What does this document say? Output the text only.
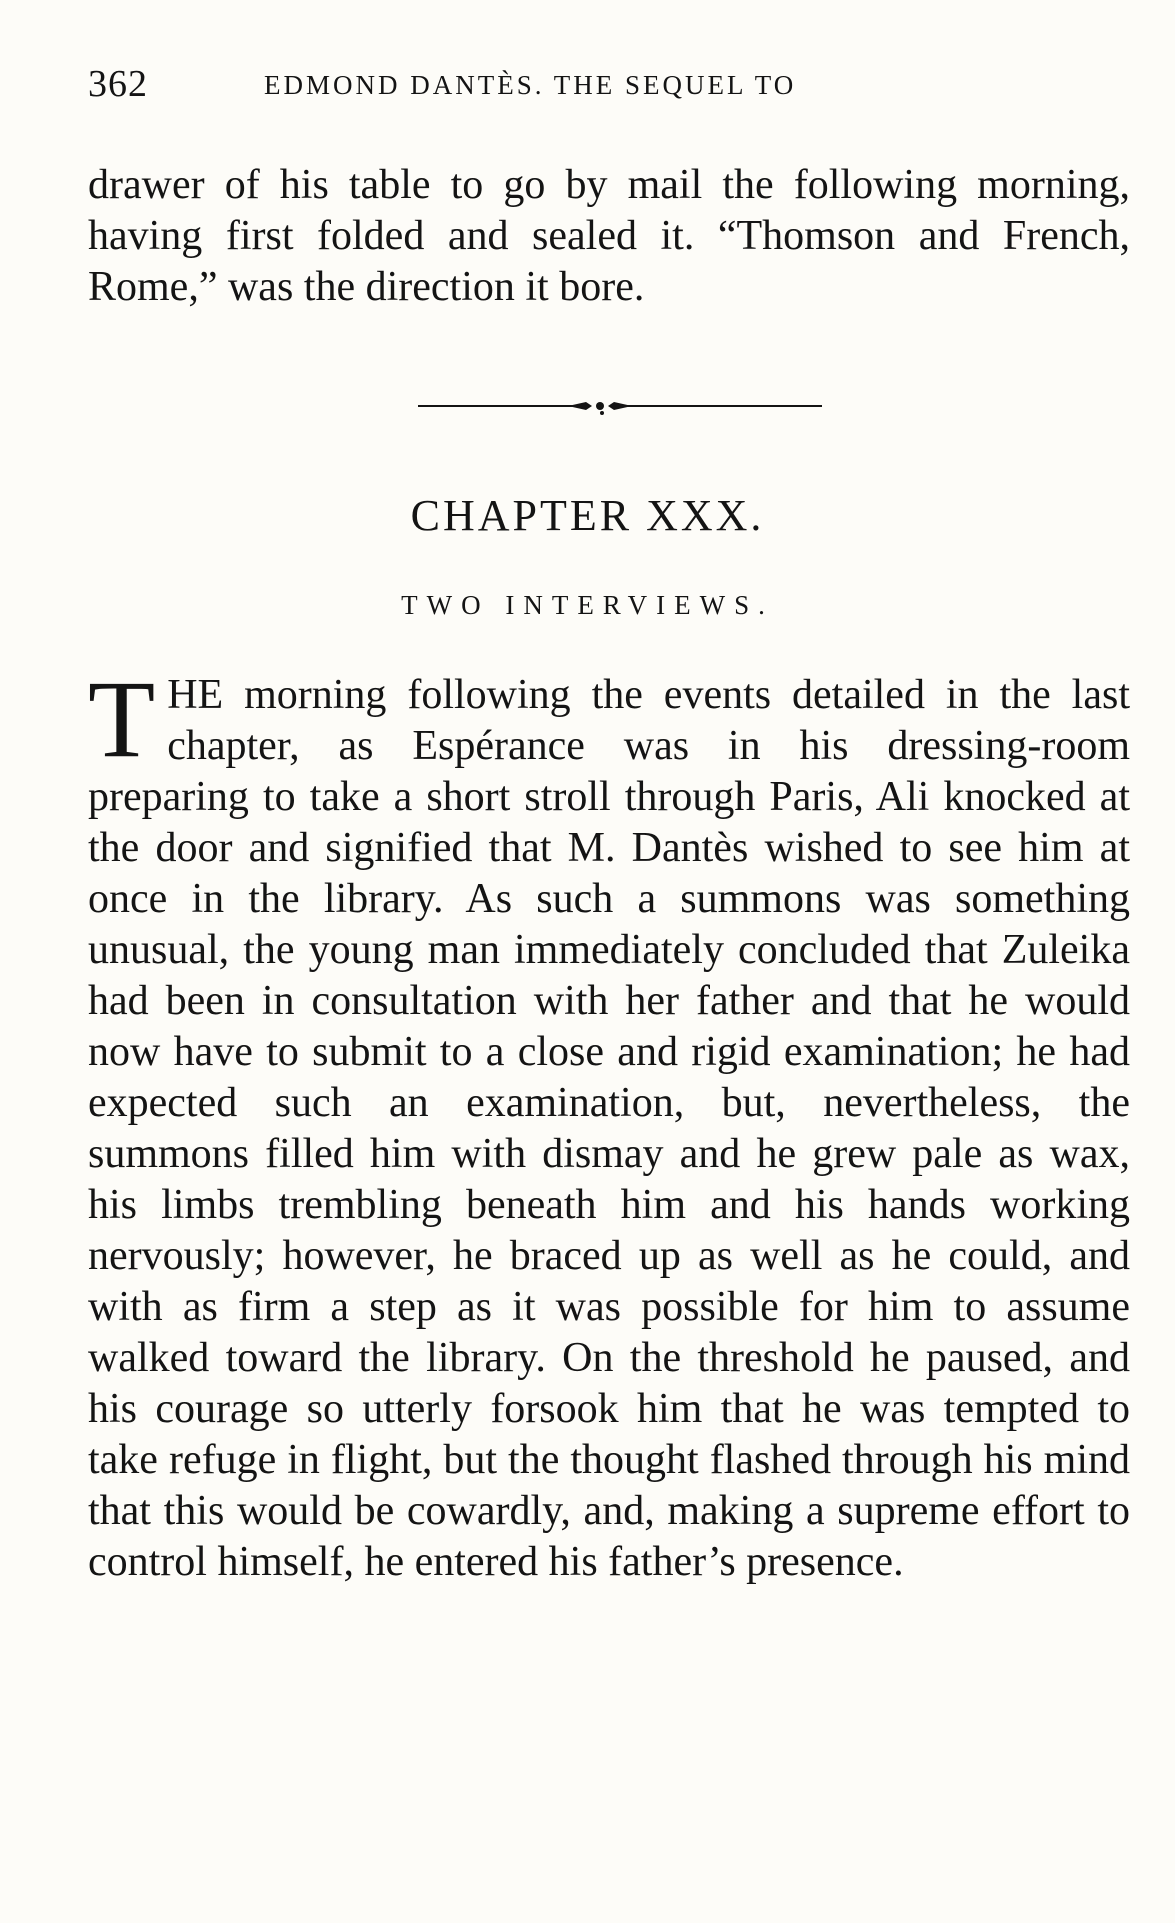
362	EDMOND DANTÈS. THE SEQUEL TO

drawer of his table to go by mail the following morning, having first folded and sealed it. “Thomson and French, Rome,” was the direction it bore.

CHAPTER XXX.
TWO INTERVIEWS.

THE morning following the events detailed in the last chapter, as Espérance was in his dressing-room preparing to take a short stroll through Paris, Ali knocked at the door and signified that M. Dantès wished to see him at once in the library. As such a summons was something unusual, the young man immediately concluded that Zuleika had been in consultation with her father and that he would now have to submit to a close and rigid examination; he had expected such an examination, but, nevertheless, the summons filled him with dismay and he grew pale as wax, his limbs trembling beneath him and his hands working nervously; however, he braced up as well as he could, and with as firm a step as it was possible for him to assume walked toward the library. On the threshold he paused, and his courage so utterly forsook him that he was tempted to take refuge in flight, but the thought flashed through his mind that this would be cowardly, and, making a supreme effort to control himself, he entered his father’s presence.
